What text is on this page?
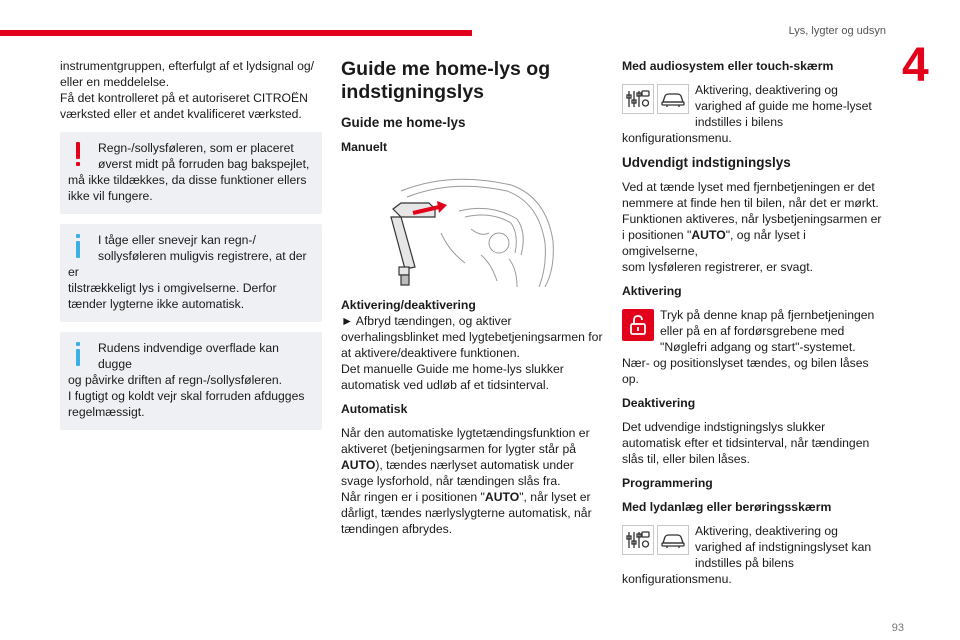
Lys, lygter og udsyn
4

instrumentgruppen, efterfulgt af et lydsignal og/
eller en meddelelse.
Få det kontrolleret på et autoriseret CITROËN
værksted eller et andet kvalificeret værksted.

Regn-/sollysføleren, som er placeret
øverst midt på forruden bag bakspejlet,
må ikke tildækkes, da disse funktioner ellers
ikke vil fungere.

I tåge eller snevejr kan regn-/
sollysføleren muligvis registrere, at der er
tilstrækkeligt lys i omgivelserne. Derfor
tænder lygterne ikke automatisk.

Rudens indvendige overflade kan dugge
og påvirke driften af regn-/sollysføleren.
I fugtigt og koldt vejr skal forruden afdugges
regelmæssigt.

Guide me home-lys og
indstigningslys
Guide me home-lys
Manuelt

Aktivering/deaktivering

► Afbryd tændingen, og aktiver
overhalingsblinket med lygtebetjeningsarmen for
at aktivere/deaktivere funktionen.
Det manuelle Guide me home-lys slukker
automatisk ved udløb af et tidsinterval.

Automatisk

Når den automatiske lygtetændingsfunktion er
aktiveret (betjeningsarmen for lygter står på
AUTO), tændes nærlyset automatisk under
svage lysforhold, når tændingen slås fra.

Når ringen er i positionen "AUTO", når lyset er
dårligt, tændes nærlyslygterne automatisk, når
tændingen afbrydes.

Med audiosystem eller touch-skærm

Aktivering, deaktivering og
varighed af guide me home-lyset
indstilles i bilens konfigurationsmenu.

Udvendigt indstigningslys

Ved at tænde lyset med fjernbetjeningen er det
nemmere at finde hen til bilen, når det er mørkt.
Funktionen aktiveres, når lysbetjeningsarmen er
i positionen "AUTO", og når lyset i omgivelserne,
som lysføleren registrerer, er svagt.

Aktivering

Tryk på denne knap på fjernbetjeningen
eller på en af fordørsgrebene med
"Nøglefri adgang og start"-systemet.
Nær- og positionslyset tændes, og bilen låses
op.

Deaktivering

Det udvendige indstigningslys slukker
automatisk efter et tidsinterval, når tændingen
slås til, eller bilen låses.

Programmering

Med lydanlæg eller berøringsskærm

Aktivering, deaktivering og
varighed af indstigningslyset kan
indstilles på bilens konfigurationsmenu.

93
